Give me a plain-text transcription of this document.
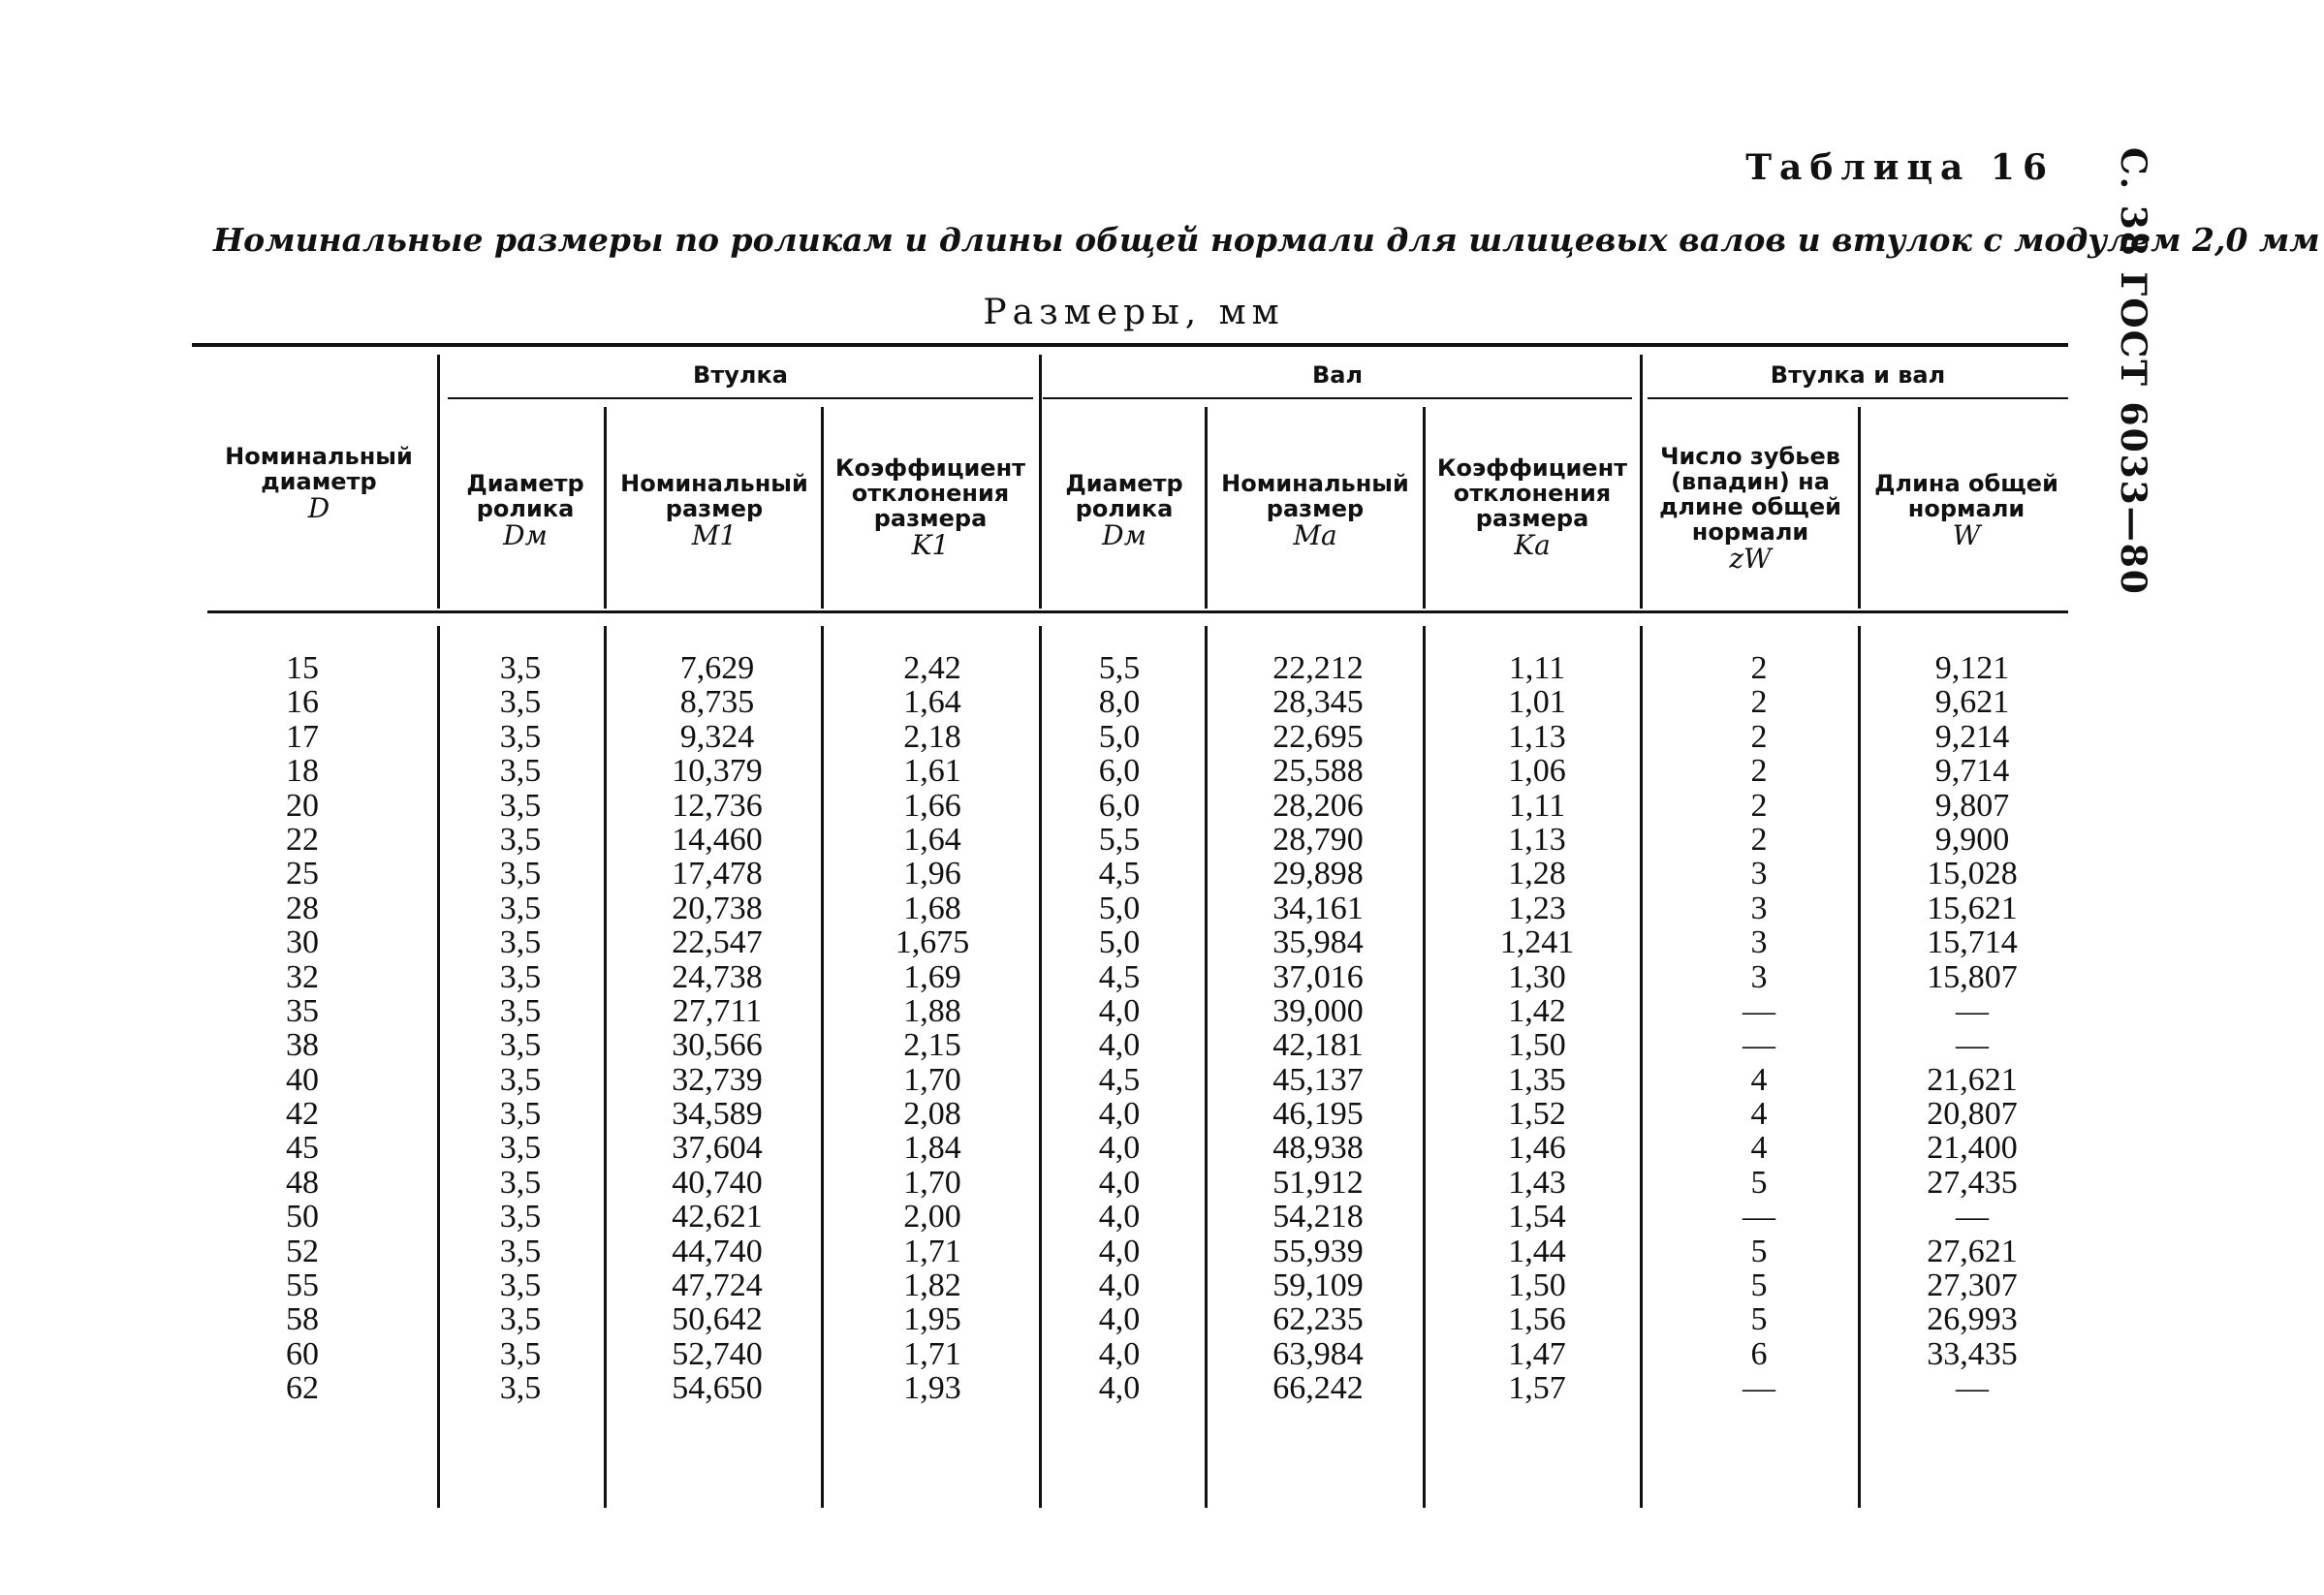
Таблица 16 С. 38 ГОСТ 6033—80
Номинальные размеры по роликам и длины общей нормали для шлицевых валов и втулок с модулем 2,0 мм
Размеры, мм
Втулка	Вал	Втулка и вал
Номинальный диаметр
D
Диаметр ролика
Dм
Номинальный размер
M1
Коэффициент отклонения размера
K1
Диаметр ролика
Dм
Номинальный размер
Ma
Коэффициент отклонения размера
Ka
Число зубьев (впадин) на длине общей нормали
zW
Длина общей нормали
W
15
16
17
18
20
22
25
28
30
32
35
38
40
42
45
48
50
52
55
58
60
62
3,5
3,5
3,5
3,5
3,5
3,5
3,5
3,5
3,5
3,5
3,5
3,5
3,5
3,5
3,5
3,5
3,5
3,5
3,5
3,5
3,5
3,5
7,629
8,735
9,324
10,379
12,736
14,460
17,478
20,738
22,547
24,738
27,711
30,566
32,739
34,589
37,604
40,740
42,621
44,740
47,724
50,642
52,740
54,650
2,42
1,64
2,18
1,61
1,66
1,64
1,96
1,68
1,675
1,69
1,88
2,15
1,70
2,08
1,84
1,70
2,00
1,71
1,82
1,95
1,71
1,93
5,5
8,0
5,0
6,0
6,0
5,5
4,5
5,0
5,0
4,5
4,0
4,0
4,5
4,0
4,0
4,0
4,0
4,0
4,0
4,0
4,0
4,0
22,212
28,345
22,695
25,588
28,206
28,790
29,898
34,161
35,984
37,016
39,000
42,181
45,137
46,195
48,938
51,912
54,218
55,939
59,109
62,235
63,984
66,242
1,11
1,01
1,13
1,06
1,11
1,13
1,28
1,23
1,241
1,30
1,42
1,50
1,35
1,52
1,46
1,43
1,54
1,44
1,50
1,56
1,47
1,57
2
2
2
2
2
2
3
3
3
3
—
—
4
4
4
5
—
5
5
5
6
—
9,121
9,621
9,214
9,714
9,807
9,900
15,028
15,621
15,714
15,807
—
—
21,621
20,807
21,400
27,435
—
27,621
27,307
26,993
33,435
—
